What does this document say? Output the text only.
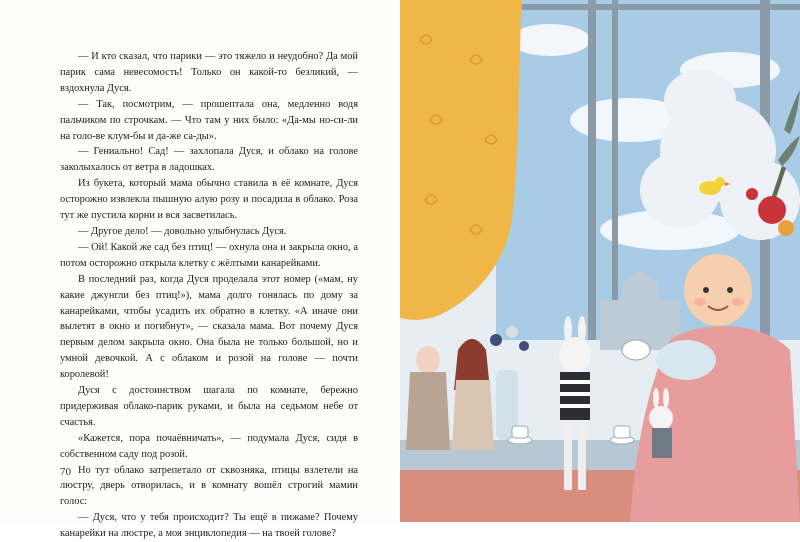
— И кто сказал, что парики — это тяжело и неудобно? Да мой парик сама невесомость! Только он какой-то безликий, — вздохнула Дуся.

— Так, посмотрим, — прошептала она, медленно водя пальчиком по строчкам. — Что там у них было: «Да-мы но-си-ли на голо-ве клум-бы и да-же са-ды».

— Гениально! Сад! — захлопала Дуся, и облако на голове заколыхалось от ветра в ладошках.

Из букета, который мама обычно ставила в её комнате, Дуся осторожно извлекла пышную алую розу и посадила в облако. Роза тут же пустила корни и вся засветилась.

— Другое дело! — довольно улыбнулась Дуся.

— Ой! Какой же сад без птиц! — охнула она и закрыла окно, а потом осторожно открыла клетку с жёлтыми канарейками.

В последний раз, когда Дуся проделала этот номер («мам, ну какие джунгли без птиц!»), мама долго гонялась по дому за канарейками, чтобы усадить их обратно в клетку. «А иначе они вылетят в окно и погибнут», — сказала мама. Вот почему Дуся первым делом закрыла окно. Она была не только большой, но и умной девочкой. А с облаком и розой на голове — почти королевой!

Дуся с достоинством шагала по комнате, бережно придерживая облако-парик руками, и была на седьмом небе от счастья.

«Кажется, пора почаёвничать», — подумала Дуся, сидя в собственном саду под розой.

Но тут облако затрепетало от сквозняка, птицы взлетели на люстру, дверь отворилась, и в комнату вошёл строгий мамин голос:

— Дуся, что у тебя происходит? Ты ещё в пижаме? Почему канарейки на люстре, а моя энциклопедия — на твоей голове?

70
